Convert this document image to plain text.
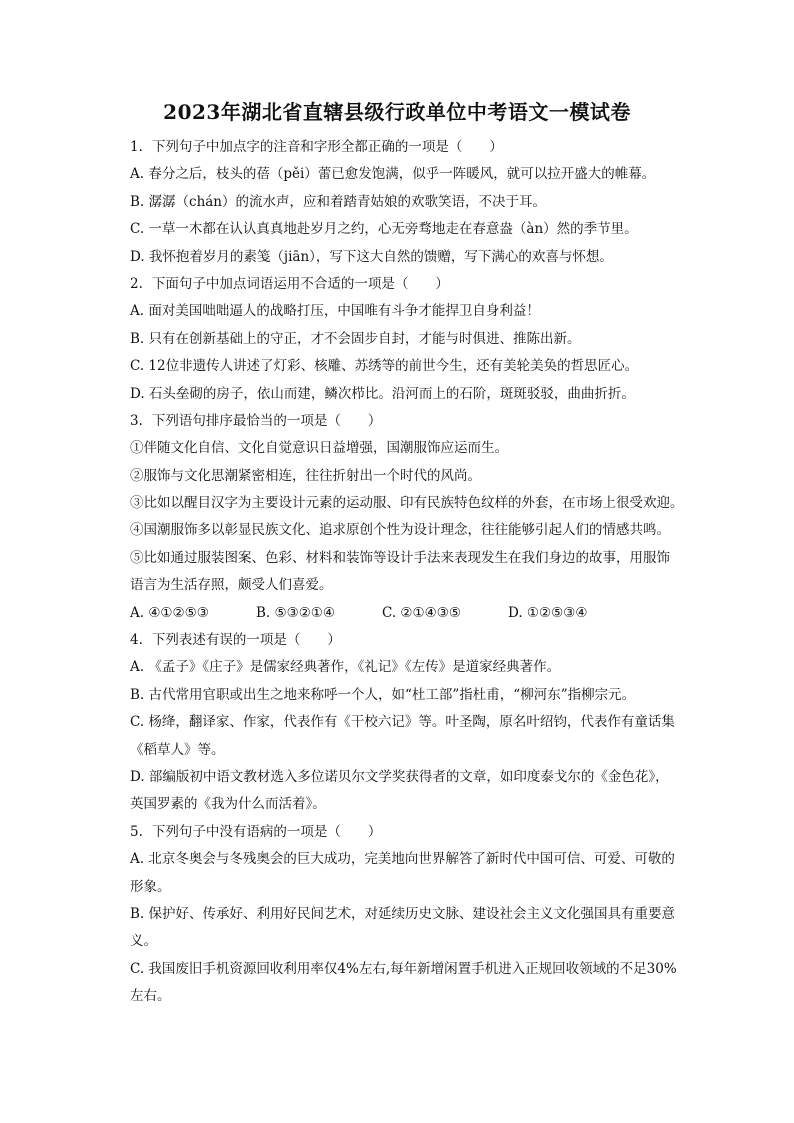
2023年湖北省直辖县级行政单位中考语文一模试卷
1. 下列句子中加点字的注音和字形全都正确的一项是（　　）
A. 春分之后，枝头的蓓（pěi）蕾已愈发饱满，似乎一阵暖风，就可以拉开盛大的帷幕。
B. 潺潺（chán）的流水声，应和着踏青姑娘的欢歌笑语，不决于耳。
C. 一草一木都在认认真真地赴岁月之约，心无旁骛地走在春意盎（àn）然的季节里。
D. 我怀抱着岁月的素笺（jiān），写下这大自然的馈赠，写下满心的欢喜与怀想。
2. 下面句子中加点词语运用不合适的一项是（　　）
A. 面对美国咄咄逼人的战略打压，中国唯有斗争才能捍卫自身利益！
B. 只有在创新基础上的守正，才不会固步自封，才能与时俱进、推陈出新。
C. 12位非遗传人讲述了灯彩、核雕、苏绣等的前世今生，还有美轮美奂的哲思匠心。
D. 石头垒砌的房子，依山而建，鳞次栉比。沿河而上的石阶，斑斑驳驳，曲曲折折。
3. 下列语句排序最恰当的一项是（　　）
①伴随文化自信、文化自觉意识日益增强，国潮服饰应运而生。
②服饰与文化思潮紧密相连，往往折射出一个时代的风尚。
③比如以醒目汉字为主要设计元素的运动服、印有民族特色纹样的外套，在市场上很受欢迎。
④国潮服饰多以彰显民族文化、追求原创个性为设计理念，往往能够引起人们的情感共鸣。
⑤比如通过服装图案、色彩、材料和装饰等设计手法来表现发生在我们身边的故事，用服饰
语言为生活存照，颇受人们喜爱。
A. ④①②⑤③	B. ⑤③②①④	C. ②①④③⑤	D. ①②⑤③④
4. 下列表述有误的一项是（　　）
A. 《孟子》《庄子》是儒家经典著作，《礼记》《左传》是道家经典著作。
B. 古代常用官职或出生之地来称呼一个人，如“杜工部”指杜甫，“柳河东”指柳宗元。
C. 杨绛，翻译家、作家，代表作有《干校六记》等。叶圣陶，原名叶绍钧，代表作有童话集
《稻草人》等。
D. 部编版初中语文教材选入多位诺贝尔文学奖获得者的文章，如印度泰戈尔的《金色花》，
英国罗素的《我为什么而活着》。
5. 下列句子中没有语病的一项是（　　）
A. 北京冬奥会与冬残奥会的巨大成功，完美地向世界解答了新时代中国可信、可爱、可敬的
形象。
B. 保护好、传承好、利用好民间艺术，对延续历史文脉、建设社会主义文化强国具有重要意
义。
C. 我国废旧手机资源回收利用率仅4%左右,每年新增闲置手机进入正规回收领域的不足30%
左右。
